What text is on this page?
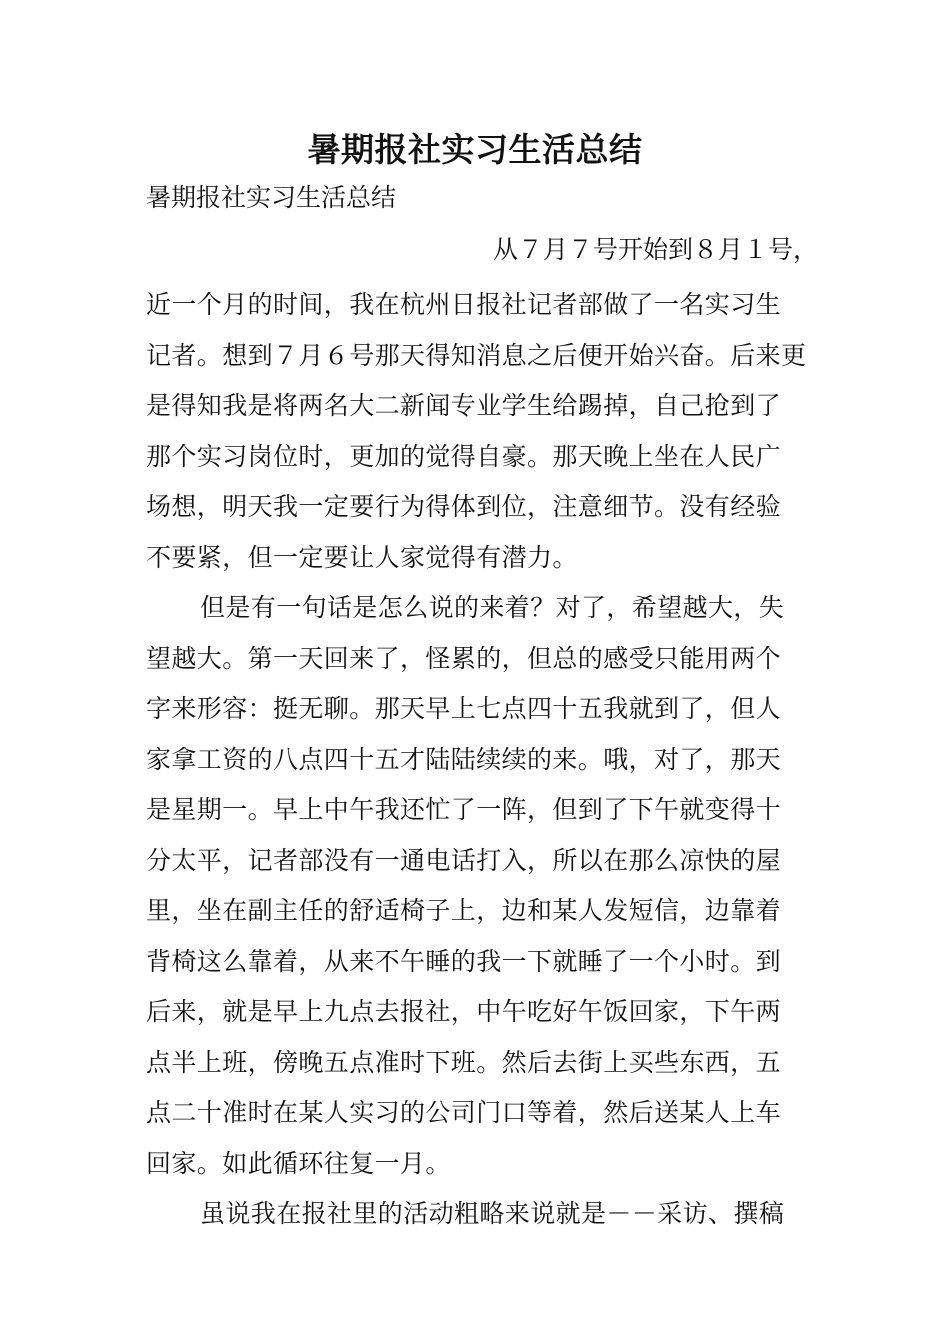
暑期报社实习生活总结
暑期报社实习生活总结
从７月７号开始到８月１号，
近一个月的时间，我在杭州日报社记者部做了一名实习生
记者。想到７月６号那天得知消息之后便开始兴奋。后来更
是得知我是将两名大二新闻专业学生给踢掉，自己抢到了
那个实习岗位时，更加的觉得自豪。那天晚上坐在人民广
场想，明天我一定要行为得体到位，注意细节。没有经验
不要紧，但一定要让人家觉得有潜力。
但是有一句话是怎么说的来着？对了，希望越大，失
望越大。第一天回来了，怪累的，但总的感受只能用两个
字来形容：挺无聊。那天早上七点四十五我就到了，但人
家拿工资的八点四十五才陆陆续续的来。哦，对了，那天
是星期一。早上中午我还忙了一阵，但到了下午就变得十
分太平，记者部没有一通电话打入，所以在那么凉快的屋
里，坐在副主任的舒适椅子上，边和某人发短信，边靠着
背椅这么靠着，从来不午睡的我一下就睡了一个小时。到
后来，就是早上九点去报社，中午吃好午饭回家，下午两
点半上班，傍晚五点准时下班。然后去街上买些东西，五
点二十准时在某人实习的公司门口等着，然后送某人上车
回家。如此循环往复一月。
虽说我在报社里的活动粗略来说就是－－采访、撰稿
